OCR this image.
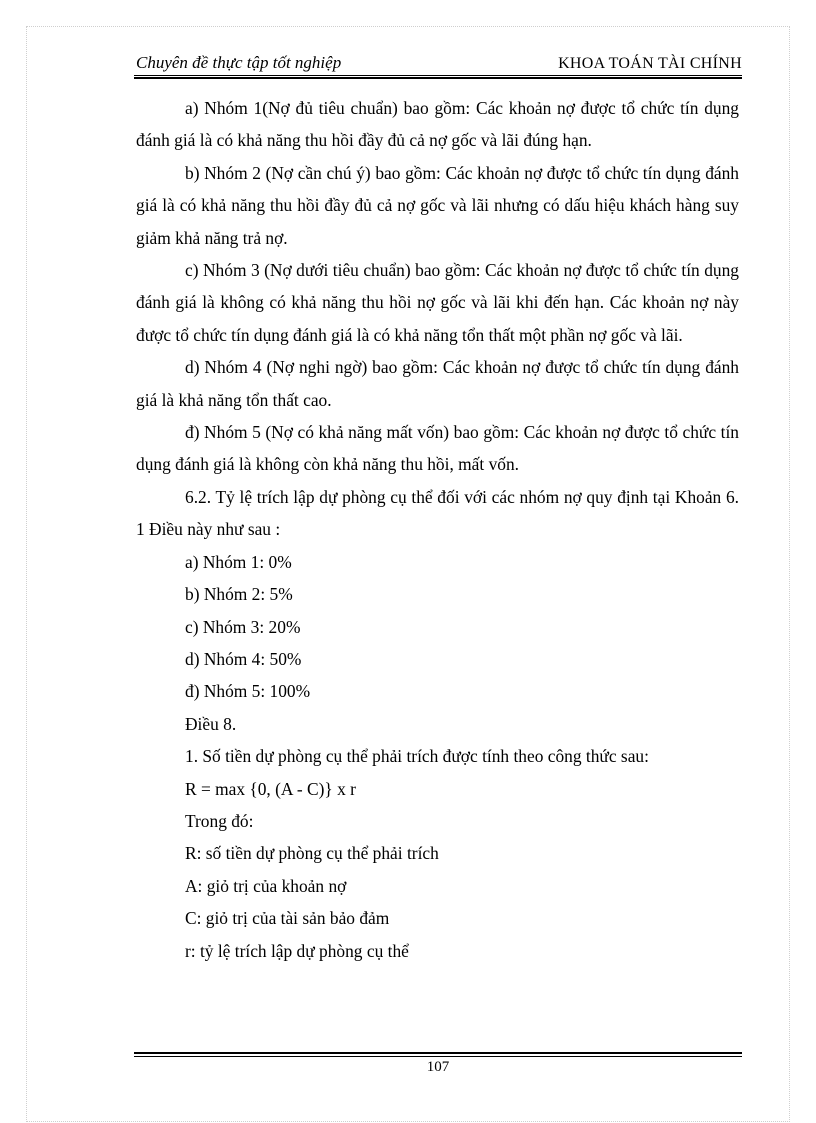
Chuyên đề thực tập tốt nghiệp	KHOA TOÁN TÀI CHÍNH

a) Nhóm 1(Nợ đủ tiêu chuẩn) bao gồm: Các khoản nợ được tổ chức tín dụng đánh giá là có khả năng thu hồi đầy đủ cả nợ gốc và lãi đúng hạn.

b) Nhóm 2 (Nợ cần chú ý) bao gồm: Các khoản nợ được tổ chức tín dụng đánh giá là có khả năng thu hồi đầy đủ cả nợ gốc và lãi nhưng có dấu hiệu khách hàng suy giảm khả năng trả nợ.

c) Nhóm 3 (Nợ dưới tiêu chuẩn) bao gồm: Các khoản nợ được tổ chức tín dụng đánh giá là không có khả năng thu hồi nợ gốc và lãi khi đến hạn. Các khoản nợ này được tổ chức tín dụng đánh giá là có khả năng tổn thất một phần nợ gốc và lãi.

d) Nhóm 4 (Nợ nghi ngờ) bao gồm: Các khoản nợ được tổ chức tín dụng đánh giá là khả năng tổn thất cao.

đ) Nhóm 5 (Nợ có khả năng mất vốn) bao gồm: Các khoản nợ được tổ chức tín dụng đánh giá là không còn khả năng thu hồi, mất vốn.

6.2. Tỷ lệ trích lập dự phòng cụ thể đối với các nhóm nợ quy định tại Khoản 6. 1 Điều này như sau :

a) Nhóm 1: 0%

b) Nhóm 2: 5%

c) Nhóm 3: 20%

d) Nhóm 4: 50%

đ) Nhóm 5: 100%

Điều 8.

1. Số tiền dự phòng cụ thể phải trích được tính theo công thức sau:

R = max {0, (A - C)} x r

Trong đó:

R: số tiền dự phòng cụ thể phải trích

A: giỏ trị của khoản nợ

C: giỏ trị của tài sản bảo đảm

r: tỷ lệ trích lập dự phòng cụ thể

107
